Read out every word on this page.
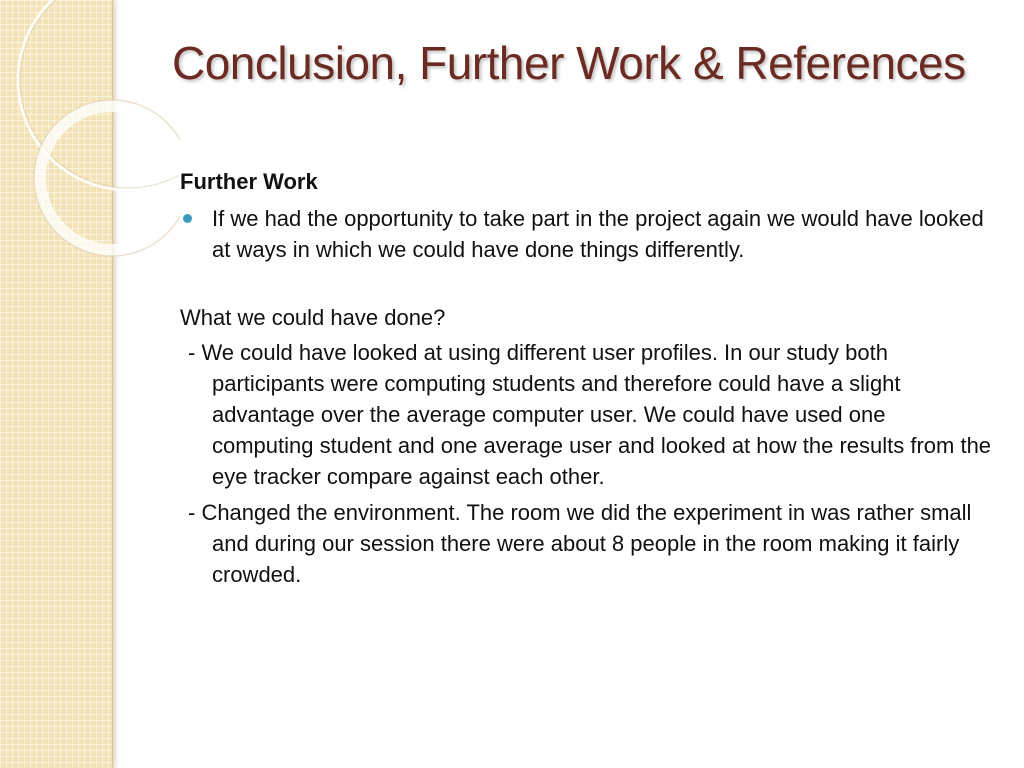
Conclusion, Further Work & References
Further Work
If we had the opportunity to take part in the project again we would have looked at ways in which we could have done things differently.
What we could have done?
- We could have looked at using different user profiles. In our study both participants were computing students and therefore could have a slight advantage over the average computer user. We could have used one computing student and one average user and looked at how the results from the eye tracker compare against each other.
- Changed the environment. The room we did the experiment in was rather small and during our session there were about 8 people in the room making it fairly crowded.
